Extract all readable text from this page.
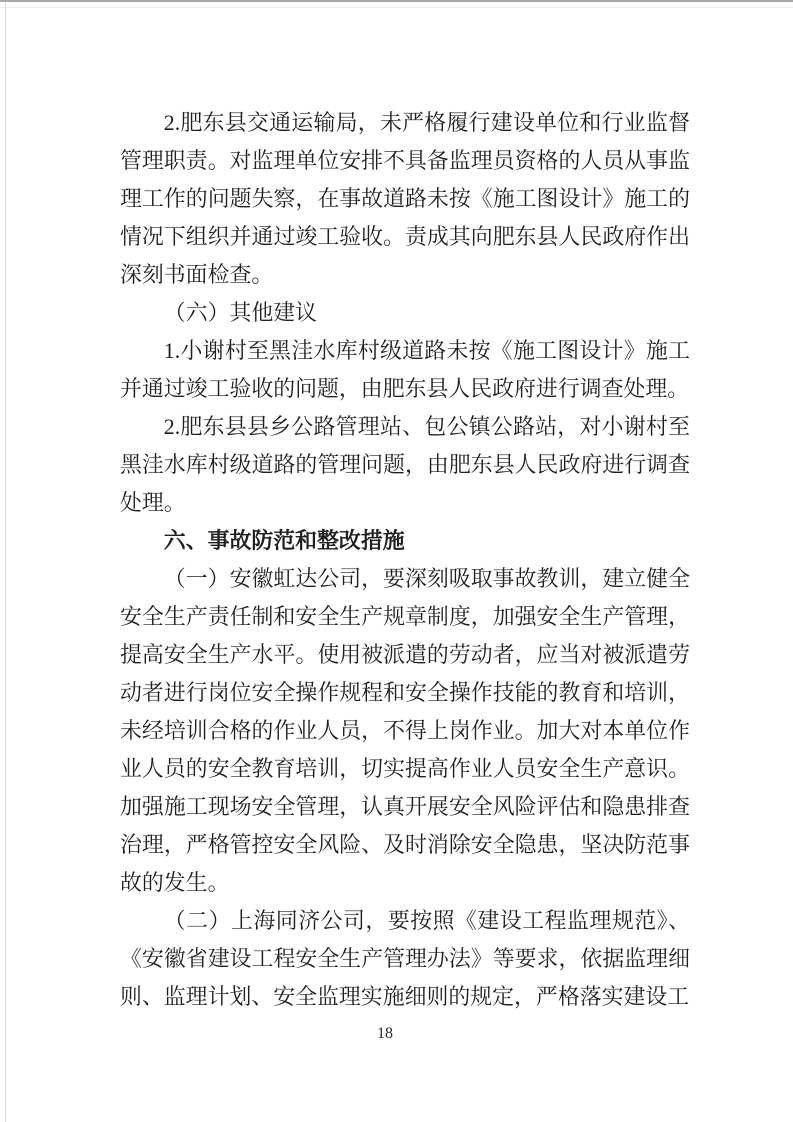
2.肥东县交通运输局，未严格履行建设单位和行业监督管理职责。对监理单位安排不具备监理员资格的人员从事监理工作的问题失察，在事故道路未按《施工图设计》施工的情况下组织并通过竣工验收。责成其向肥东县人民政府作出深刻书面检查。

（六）其他建议

1.小谢村至黑洼水库村级道路未按《施工图设计》施工并通过竣工验收的问题，由肥东县人民政府进行调查处理。

2.肥东县县乡公路管理站、包公镇公路站，对小谢村至黑洼水库村级道路的管理问题，由肥东县人民政府进行调查处理。

六、事故防范和整改措施

（一）安徽虹达公司，要深刻吸取事故教训，建立健全安全生产责任制和安全生产规章制度，加强安全生产管理，提高安全生产水平。使用被派遣的劳动者，应当对被派遣劳动者进行岗位安全操作规程和安全操作技能的教育和培训，未经培训合格的作业人员，不得上岗作业。加大对本单位作业人员的安全教育培训，切实提高作业人员安全生产意识。加强施工现场安全管理，认真开展安全风险评估和隐患排查治理，严格管控安全风险、及时消除安全隐患，坚决防范事故的发生。

（二）上海同济公司，要按照《建设工程监理规范》、《安徽省建设工程安全生产管理办法》等要求，依据监理细则、监理计划、安全监理实施细则的规定，严格落实建设工

18
